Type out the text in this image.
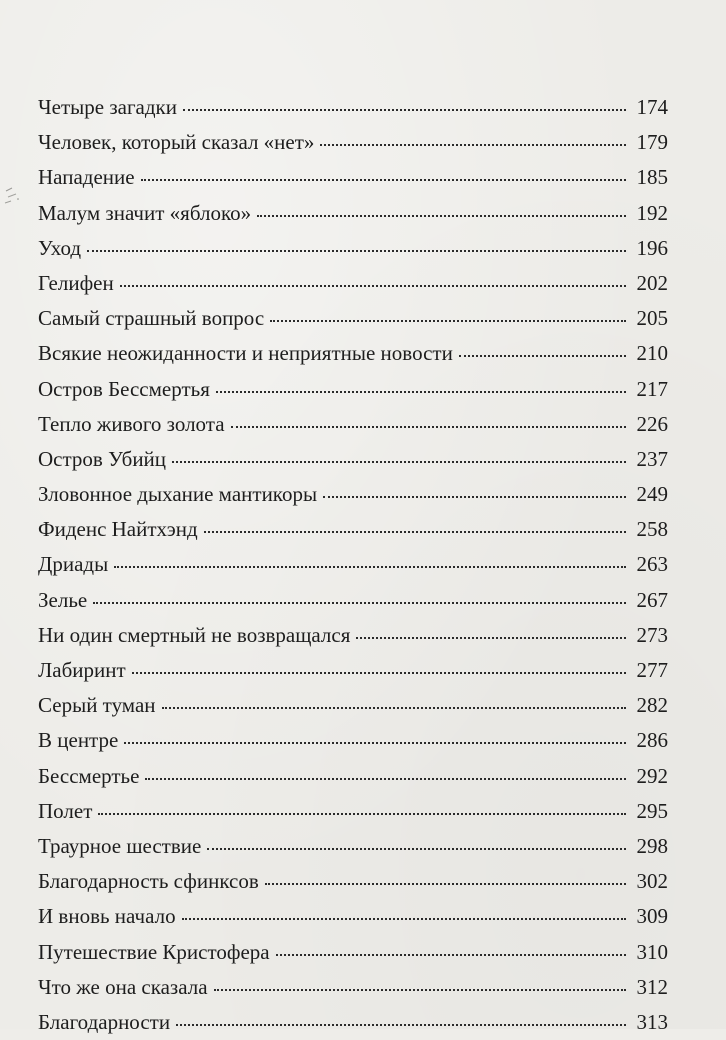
Четыре загадки	174
Человек, который сказал «нет»	179
Нападение	185
Малум значит «яблоко»	192
Уход	196
Гелифен	202
Самый страшный вопрос	205
Всякие неожиданности и неприятные новости	210
Остров Бессмертья	217
Тепло живого золота	226
Остров Убийц	237
Зловонное дыхание мантикоры	249
Фиденс Найтхэнд	258
Дриады	263
Зелье	267
Ни один смертный не возвращался	273
Лабиринт	277
Серый туман	282
В центре	286
Бессмертье	292
Полет	295
Траурное шествие	298
Благодарность сфинксов	302
И вновь начало	309
Путешествие Кристофера	310
Что же она сказала	312
Благодарности	313
